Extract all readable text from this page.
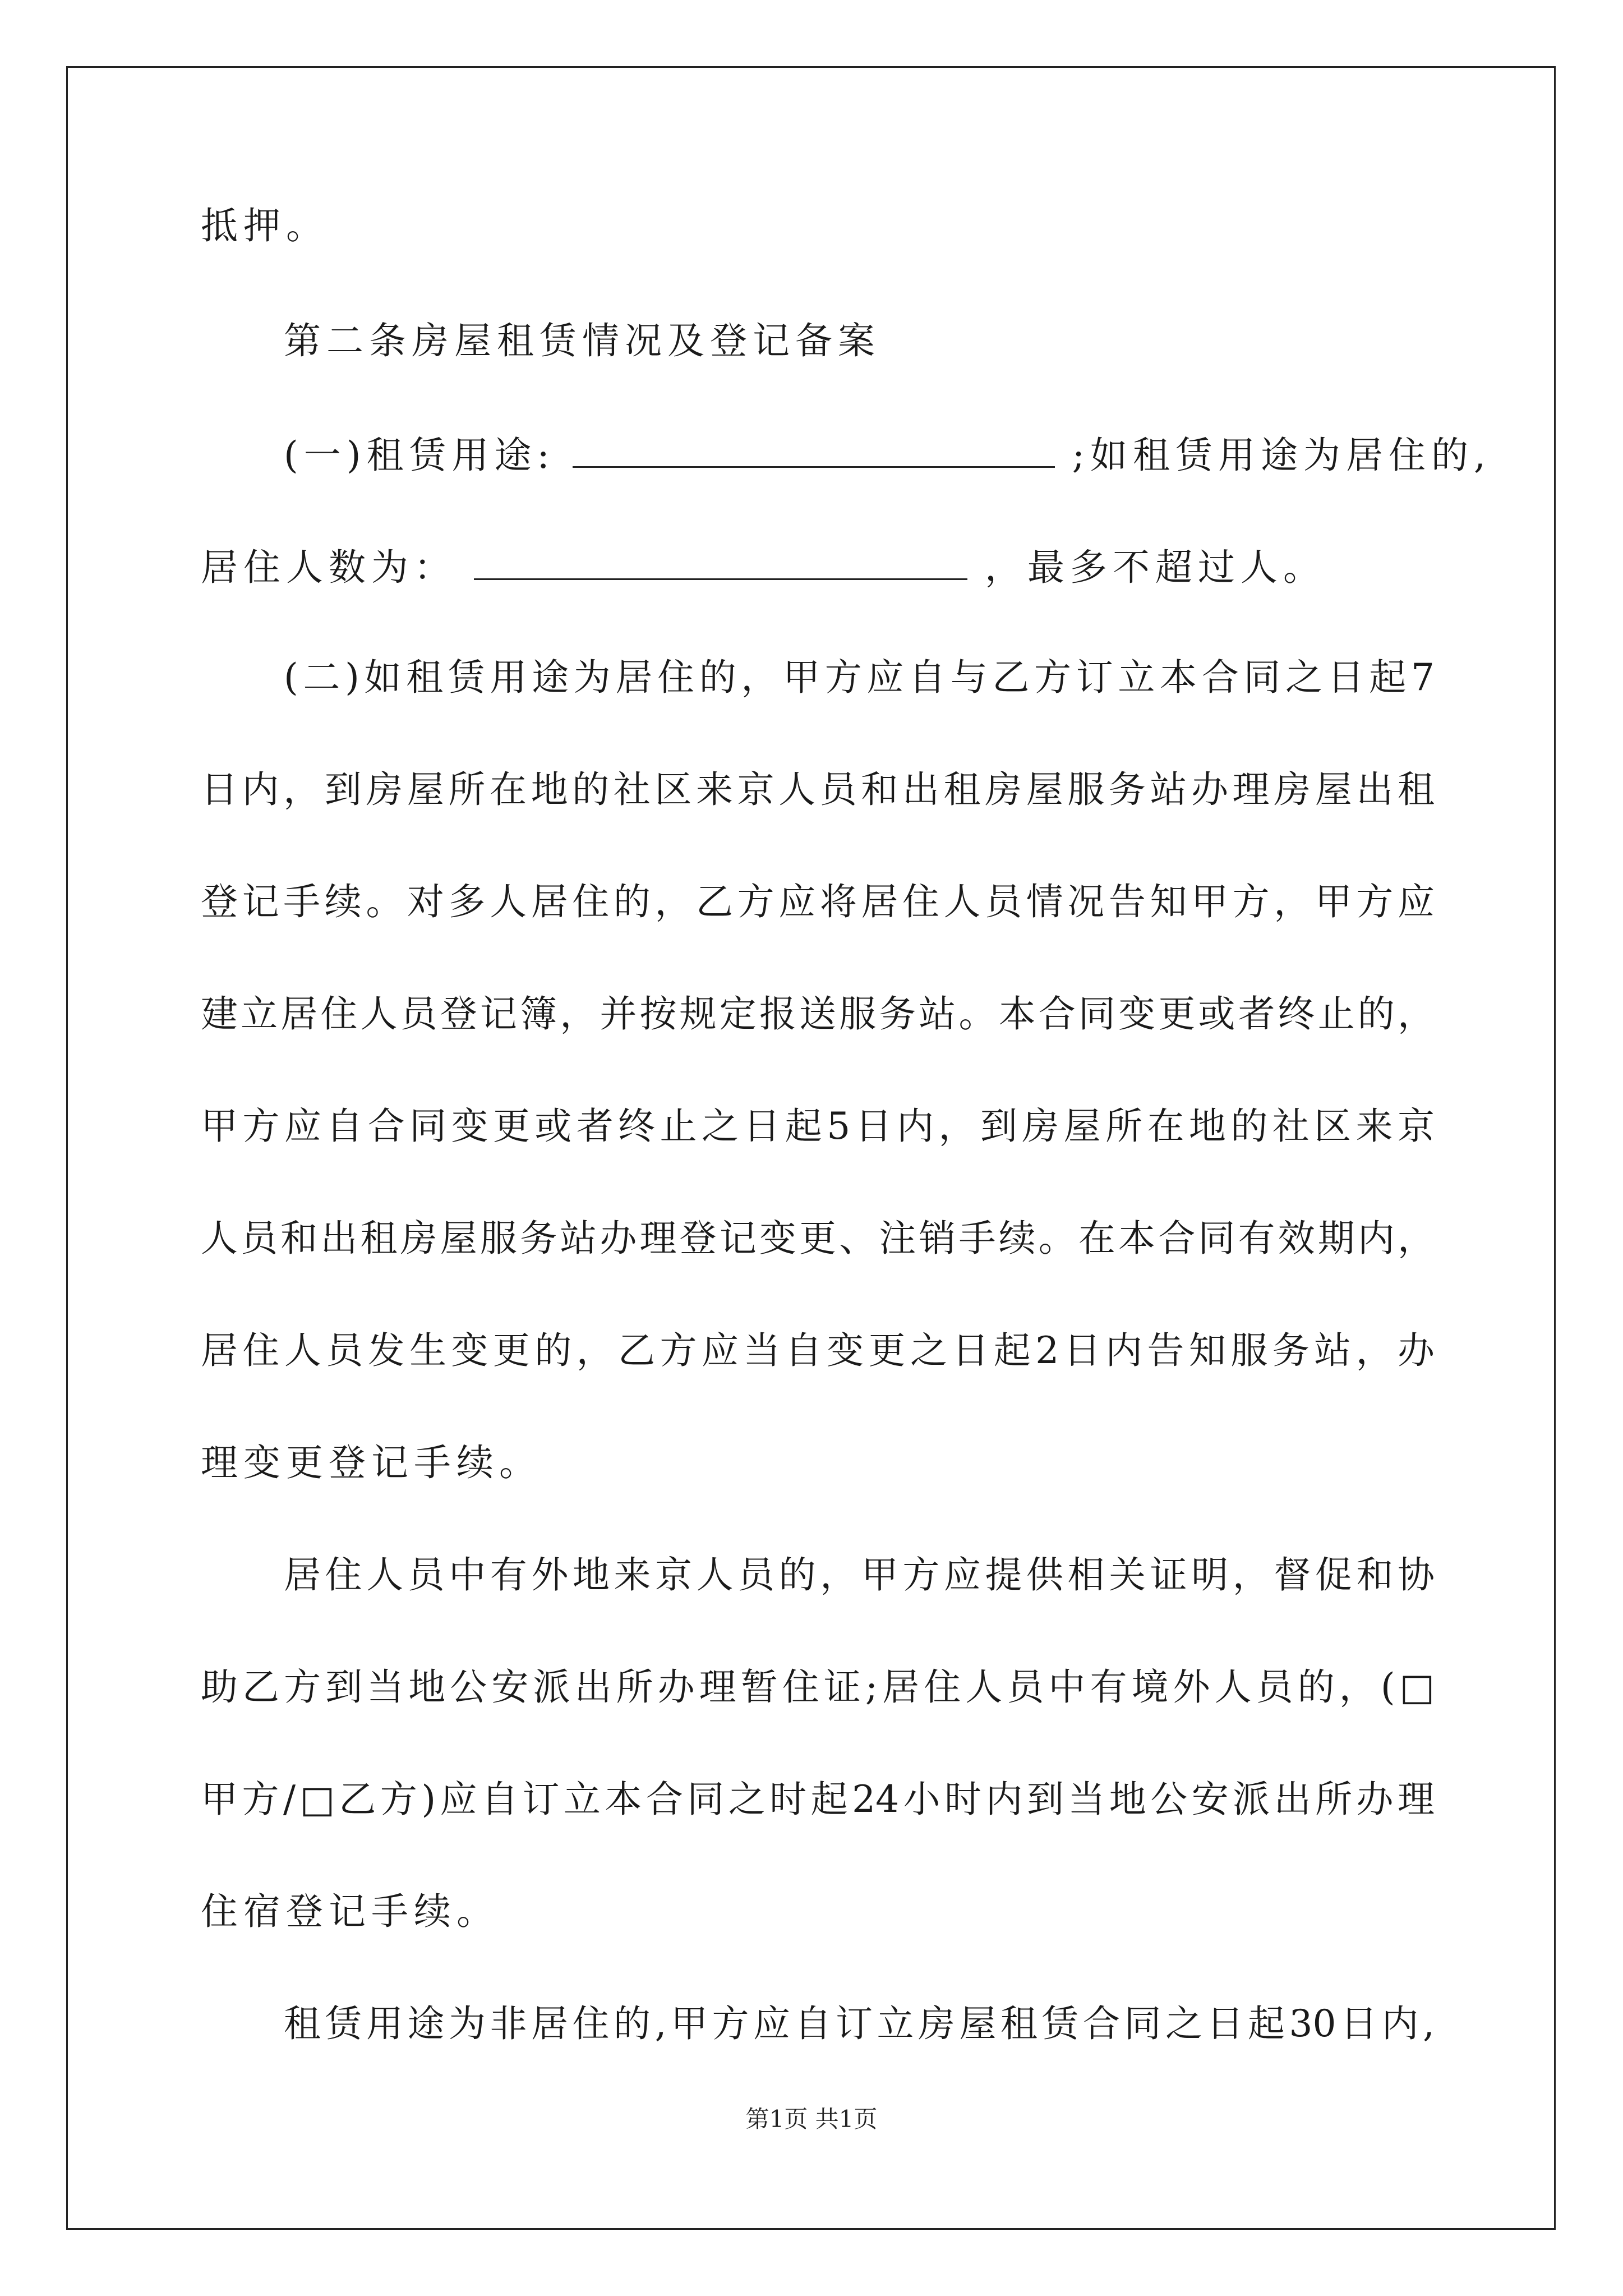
抵押。
第二条房屋租赁情况及登记备案
(一)租赁用途:	;如租赁用途为居住的,
居住人数为：	，最多不超过人。
(二)如租赁用途为居住的，甲方应自与乙方订立本合同之日起7
日内，到房屋所在地的社区来京人员和出租房屋服务站办理房屋出租
登记手续。对多人居住的，乙方应将居住人员情况告知甲方，甲方应
建立居住人员登记簿，并按规定报送服务站。本合同变更或者终止的，
甲方应自合同变更或者终止之日起5日内，到房屋所在地的社区来京
人员和出租房屋服务站办理登记变更、注销手续。在本合同有效期内，
居住人员发生变更的，乙方应当自变更之日起2日内告知服务站，办
理变更登记手续。
居住人员中有外地来京人员的，甲方应提供相关证明，督促和协
助乙方到当地公安派出所办理暂住证;居住人员中有境外人员的，(□
甲方/□乙方)应自订立本合同之时起24小时内到当地公安派出所办理
住宿登记手续。
租赁用途为非居住的,甲方应自订立房屋租赁合同之日起30日内,
第1页 共1页
